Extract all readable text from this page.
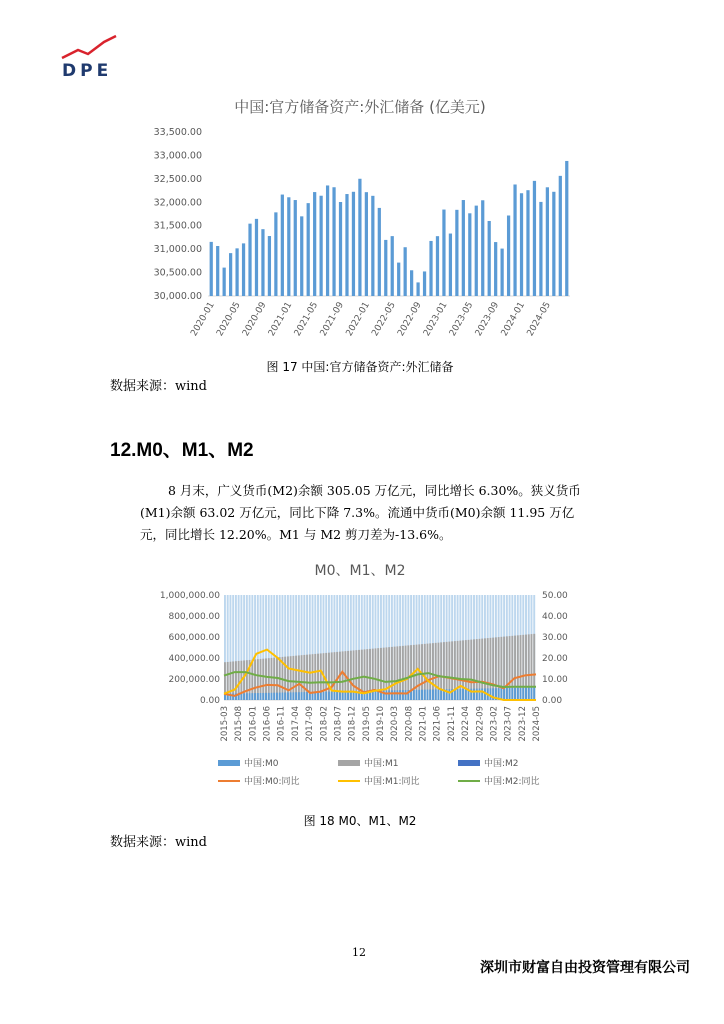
DPE
中国:官方储备资产:外汇储备 (亿美元)
30,000.00
30,500.00
31,000.00
31,500.00
32,000.00
32,500.00
33,000.00
33,500.00
2020-01
2020-05
2020-09
2021-01
2021-05
2021-09
2022-01
2022-05
2022-09
2023-01
2023-05
2023-09
2024-01
2024-05
图 17 中国:官方储备资产:外汇储备
数据来源：wind
12.M0、M1、M2
8 月末，广义货币(M2)余额 305.05 万亿元，同比增长 6.30%。狭义货币
(M1)余额 63.02 万亿元，同比下降 7.3%。流通中货币(M0)余额 11.95 万亿
元，同比增长 12.20%。M1 与 M2 剪刀差为-13.6%。
M0、M1、M2
0.00
200,000.00
400,000.00
600,000.00
800,000.00
1,000,000.00
0.00
10.00
20.00
30.00
40.00
50.00
2015-03 2015-08 2016-01 2016-06 2016-11 2017-04 2017-09 2018-02 2018-07 2018-12 2019-05 2019-10 2020-03 2020-08 2021-01 2021-06 2021-11 2022-04 2022-09 2023-02 2023-07 2023-12 2024-05
中国:M0	中国:M1	中国:M2
中国:M0:同比	中国:M1:同比	中国:M2:同比
图 18 M0、M1、M2
数据来源：wind
12
深圳市财富自由投资管理有限公司
